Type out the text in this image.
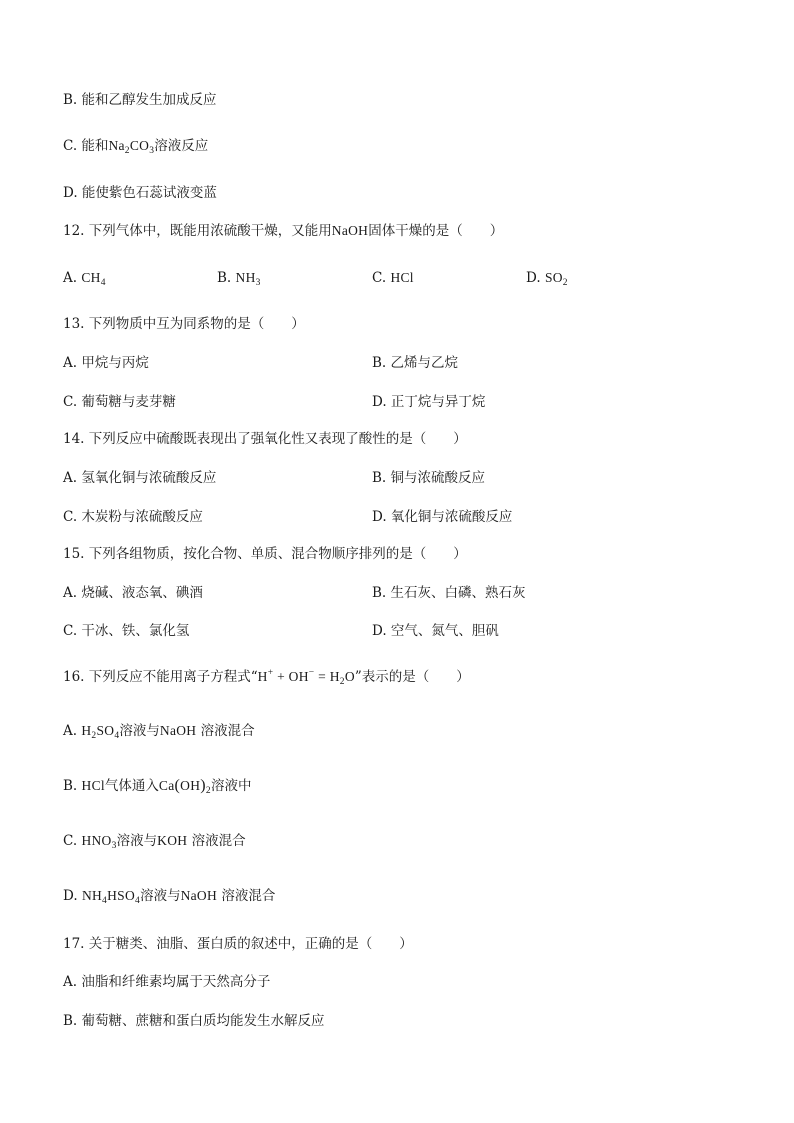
B. 能和乙醇发生加成反应
C. 能和$Na_2CO_3$溶液反应
D. 能使紫色石蕊试液变蓝
12. 下列气体中，既能用浓硫酸干燥，又能用NaOH固体干燥的是（　　）
A. $CH_4$	B. $NH_3$	C. HCl	D. $SO_2$
13. 下列物质中互为同系物的是（　　）
A. 甲烷与丙烷	B. 乙烯与乙烷
C. 葡萄糖与麦芽糖	D. 正丁烷与异丁烷
14. 下列反应中硫酸既表现出了强氧化性又表现了酸性的是（　　）
A. 氢氧化铜与浓硫酸反应	B. 铜与浓硫酸反应
C. 木炭粉与浓硫酸反应	D. 氧化铜与浓硫酸反应
15. 下列各组物质，按化合物、单质、混合物顺序排列的是（　　）
A. 烧碱、液态氧、碘酒	B. 生石灰、白磷、熟石灰
C. 干冰、铁、氯化氢	D. 空气、氮气、胆矾
16. 下列反应不能用离子方程式“$H^+ + OH^- = H_2O$”表示的是（　　）
A. $H_2SO_4$溶液与NaOH 溶液混合
B. HCl气体通入$Ca(OH)_2$溶液中
C. $HNO_3$溶液与KOH 溶液混合
D. $NH_4HSO_4$溶液与NaOH 溶液混合
17. 关于糖类、油脂、蛋白质的叙述中，正确的是（　　）
A. 油脂和纤维素均属于天然高分子
B. 葡萄糖、蔗糖和蛋白质均能发生水解反应
